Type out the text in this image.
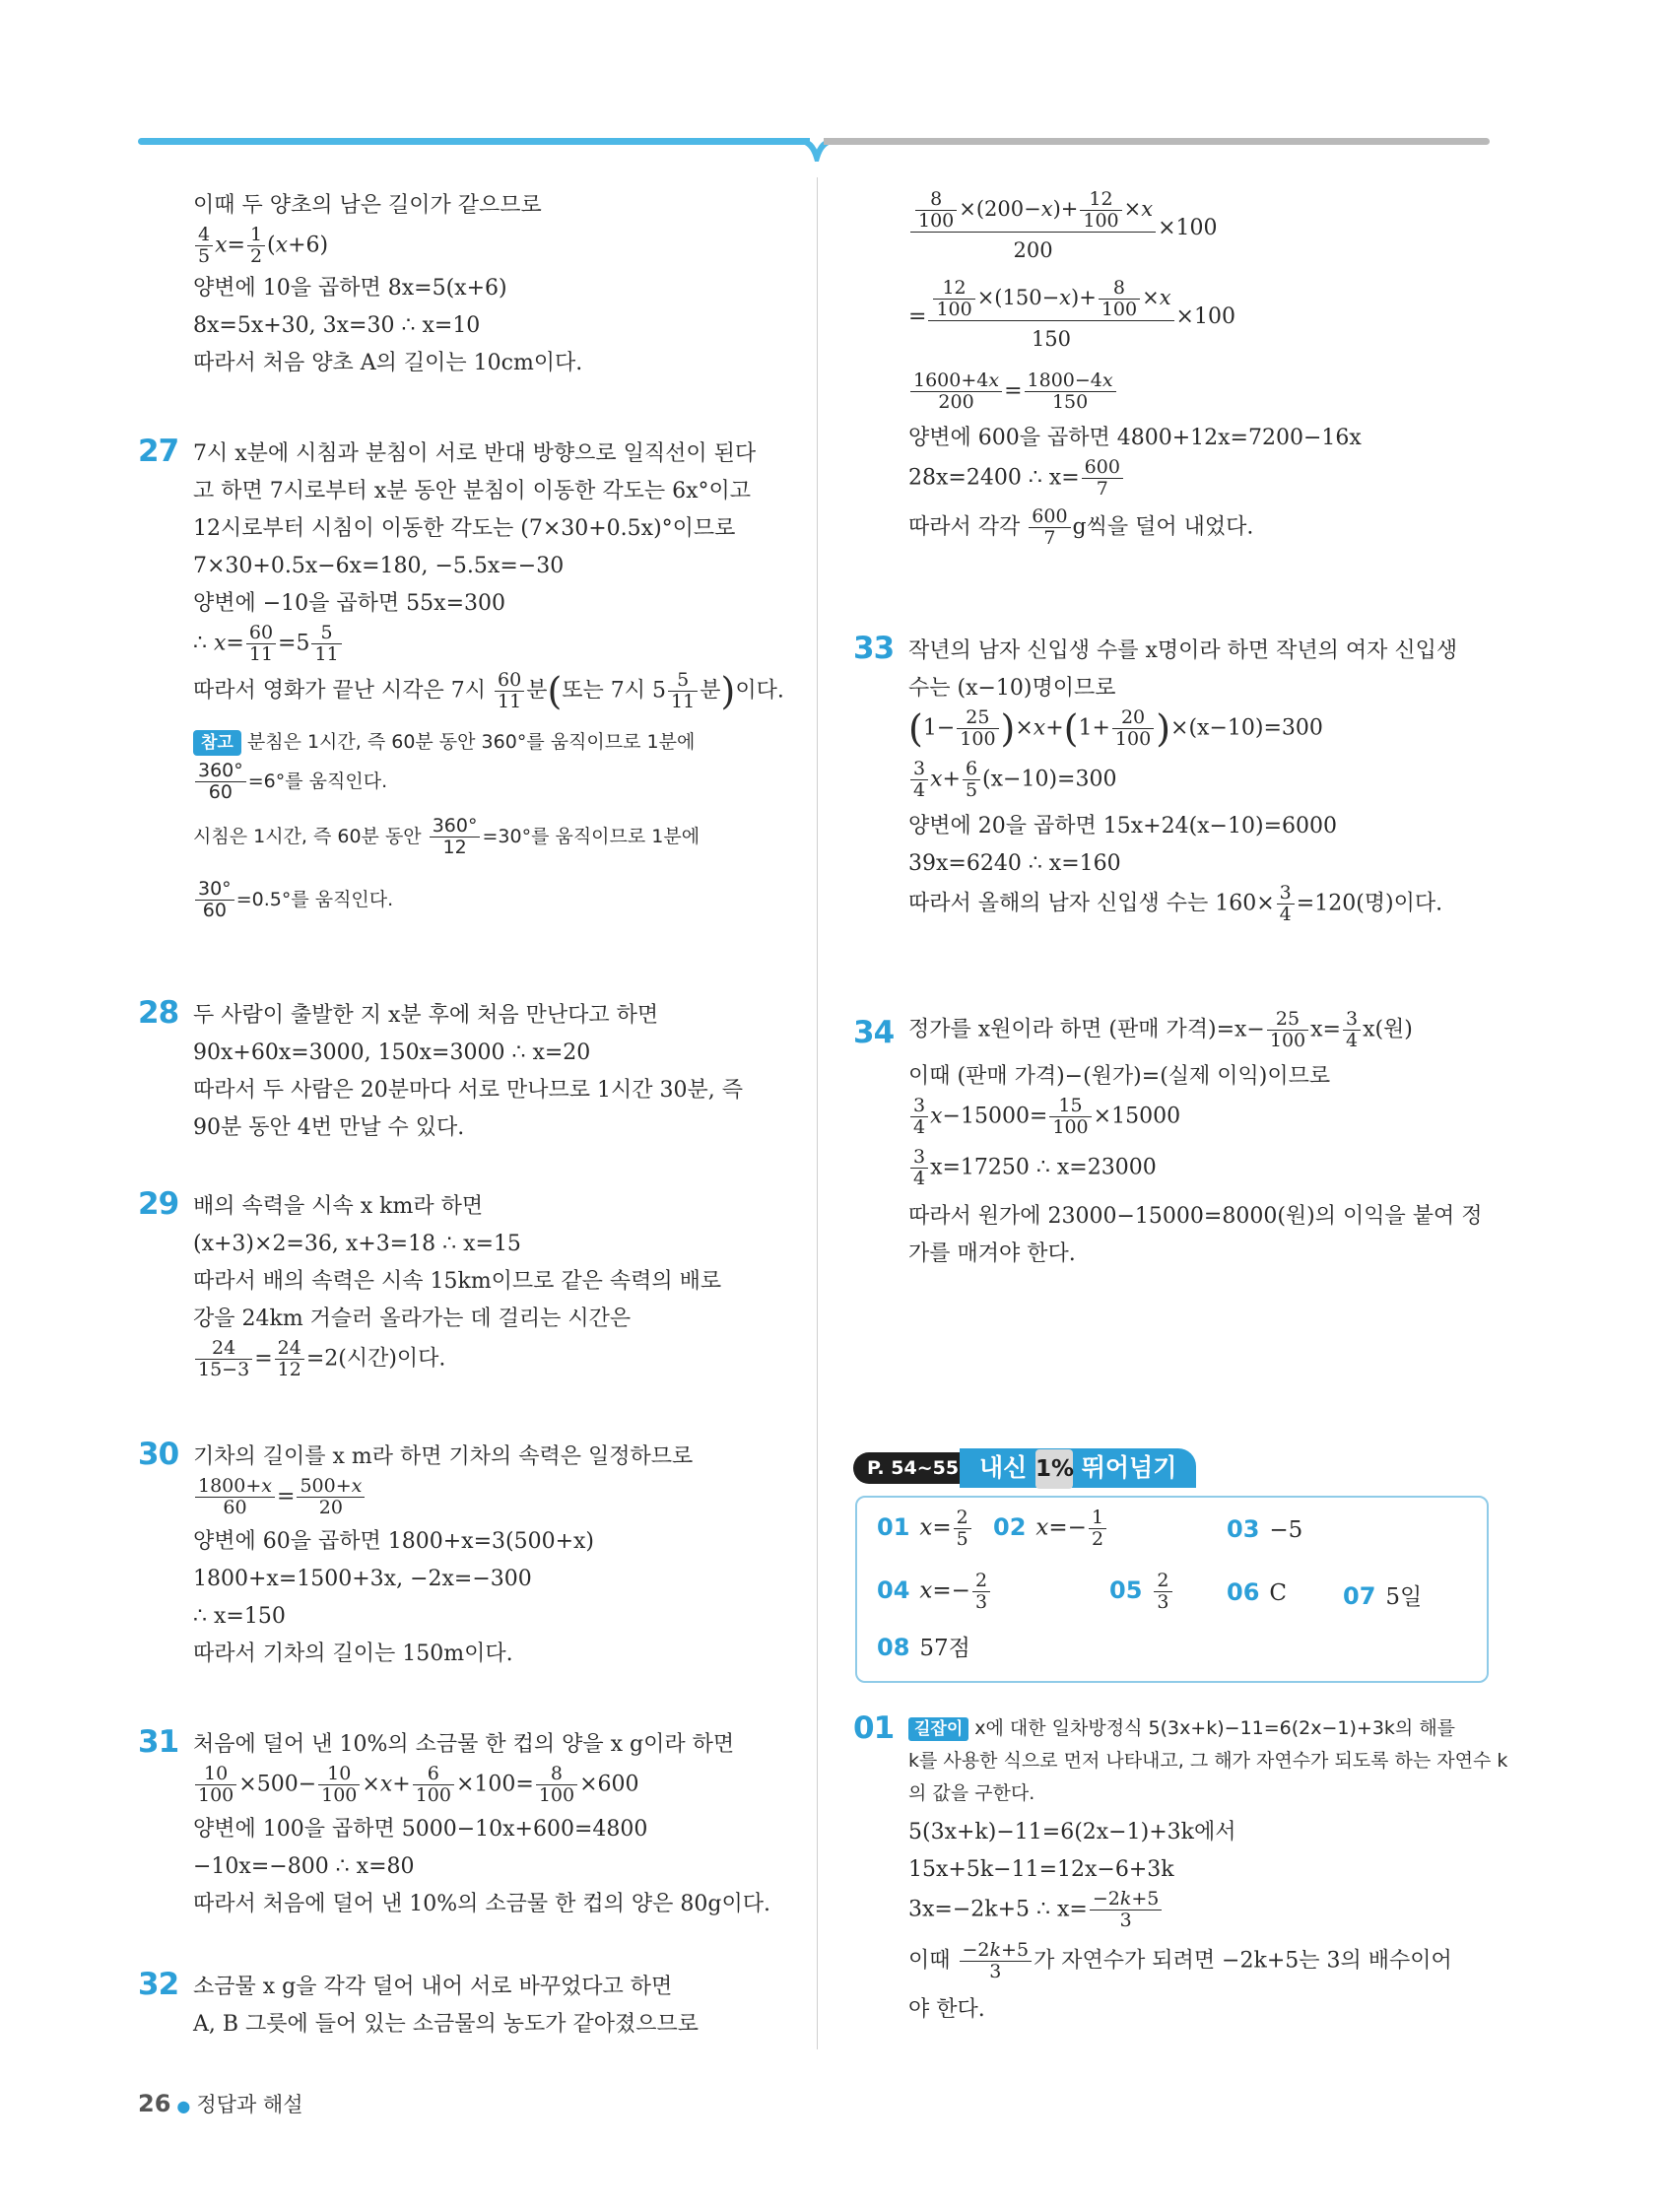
이때 두 양초의 남은 길이가 같으므로
$\frac{4}{5} x= \frac{1}{2} (x+6)$
양변에 10을 곱하면 8x=5(x+6)
8x=5x+30, 3x=30 ∴ x=10
따라서 처음 양초 A의 길이는 10cm이다.
27 7시 x분에 시침과 분침이 서로 반대 방향으로 일직선이 된다
고 하면 7시로부터 x분 동안 분침이 이동한 각도는 6x°이고
12시로부터 시침이 이동한 각도는 (7×30+0.5x)°이므로
7×30+0.5x−6x=180, −5.5x=−30
양변에 −10을 곱하면 55x=300
∴ $x= \frac{60}{11} =5 \frac{5}{11}$
따라서 영화가 끝난 시각은 7시 $\frac{60}{11}$ 분(또는 7시 $5 \frac{5}{11}$ 분)이다.
참고 분침은 1시간, 즉 60분 동안 360°를 움직이므로 1분에
$\frac{360^\circ}{60} =6^\circ$를 움직인다.
시침은 1시간, 즉 60분 동안 $\frac{360^\circ}{12} =30^\circ$를 움직이므로 1분에
$\frac{30^\circ}{60} =0.5^\circ$를 움직인다.
28 두 사람이 출발한 지 x분 후에 처음 만난다고 하면
90x+60x=3000, 150x=3000 ∴ x=20
따라서 두 사람은 20분마다 서로 만나므로 1시간 30분, 즉
90분 동안 4번 만날 수 있다.
29 배의 속력을 시속 x km라 하면
(x+3)×2=36, x+3=18 ∴ x=15
따라서 배의 속력은 시속 15km이므로 같은 속력의 배로
강을 24km 거슬러 올라가는 데 걸리는 시간은
$\frac{24}{15-3} = \frac{24}{12} =2$(시간)이다.
30 기차의 길이를 x m라 하면 기차의 속력은 일정하므로
$\frac{1800+x}{60} = \frac{500+x}{20}$
양변에 60을 곱하면 1800+x=3(500+x)
1800+x=1500+3x, −2x=−300
∴ x=150
따라서 기차의 길이는 150m이다.
31 처음에 덜어 낸 10%의 소금물 한 컵의 양을 x g이라 하면
$\frac{10}{100} \times 500- \frac{10}{100} \times x+ \frac{6}{100} \times 100= \frac{8}{100} \times 600$
양변에 100을 곱하면 5000−10x+600=4800
−10x=−800 ∴ x=80
따라서 처음에 덜어 낸 10%의 소금물 한 컵의 양은 80g이다.
32 소금물 x g을 각각 덜어 내어 서로 바꾸었다고 하면
A, B 그릇에 들어 있는 소금물의 농도가 같아졌으므로
$\frac{\frac{8}{100} \times(200-x)+ \frac{12}{100} \times x}{200} \times 100$
= $\frac{\frac{12}{100} \times(150-x)+ \frac{8}{100} \times x}{150} \times 100$
$\frac{1600+4x}{200} = \frac{1800-4x}{150}$
양변에 600을 곱하면 4800+12x=7200−16x
28x=2400 ∴ $x= \frac{600}{7}$
따라서 각각 $\frac{600}{7}$ g씩을 덜어 내었다.
33 작년의 남자 신입생 수를 x명이라 하면 작년의 여자 신입생
수는 (x−10)명이므로
$(1- \frac{25}{100} )\times x+(1+ \frac{20}{100} )\times(x-10)=300$
$\frac{3}{4} x+ \frac{6}{5} (x-10)=300$
양변에 20을 곱하면 15x+24(x−10)=6000
39x=6240 ∴ x=160
따라서 올해의 남자 신입생 수는 $160\times \frac{3}{4} =120$(명)이다.
34 정가를 x원이라 하면 (판매 가격)$=x- \frac{25}{100} x= \frac{3}{4} x$(원)
이때 (판매 가격)−(원가)=(실제 이익)이므로
$\frac{3}{4} x-15000= \frac{15}{100} \times 15000$
$\frac{3}{4} x=17250$ ∴ x=23000
따라서 원가에 23000−15000=8000(원)의 이익을 붙여 정
가를 매겨야 한다.
P. 54~55 내신 1% 뛰어넘기
01 $x= \frac{2}{5} 02$ $x=- \frac{1}{2}$	03 −5
04 $x=- \frac{2}{3}$	$05 \frac{2}{3} 06$ C 07 5일
08 57점
01	길잡이 x에 대한 일차방정식 5(3x+k)−11=6(2x−1)+3k의 해를
k를 사용한 식으로 먼저 나타내고, 그 해가 자연수가 되도록 하는 자연수 k
의 값을 구한다.
5(3x+k)−11=6(2x−1)+3k에서
15x+5k−11=12x−6+3k
3x=−2k+5 ∴ $x= \frac{-2k+5}{3}$
이때 $\frac{-2k+5}{3}$ 가 자연수가 되려면 −2k+5는 3의 배수이어
야 한다.
26 ● 정답과 해설
